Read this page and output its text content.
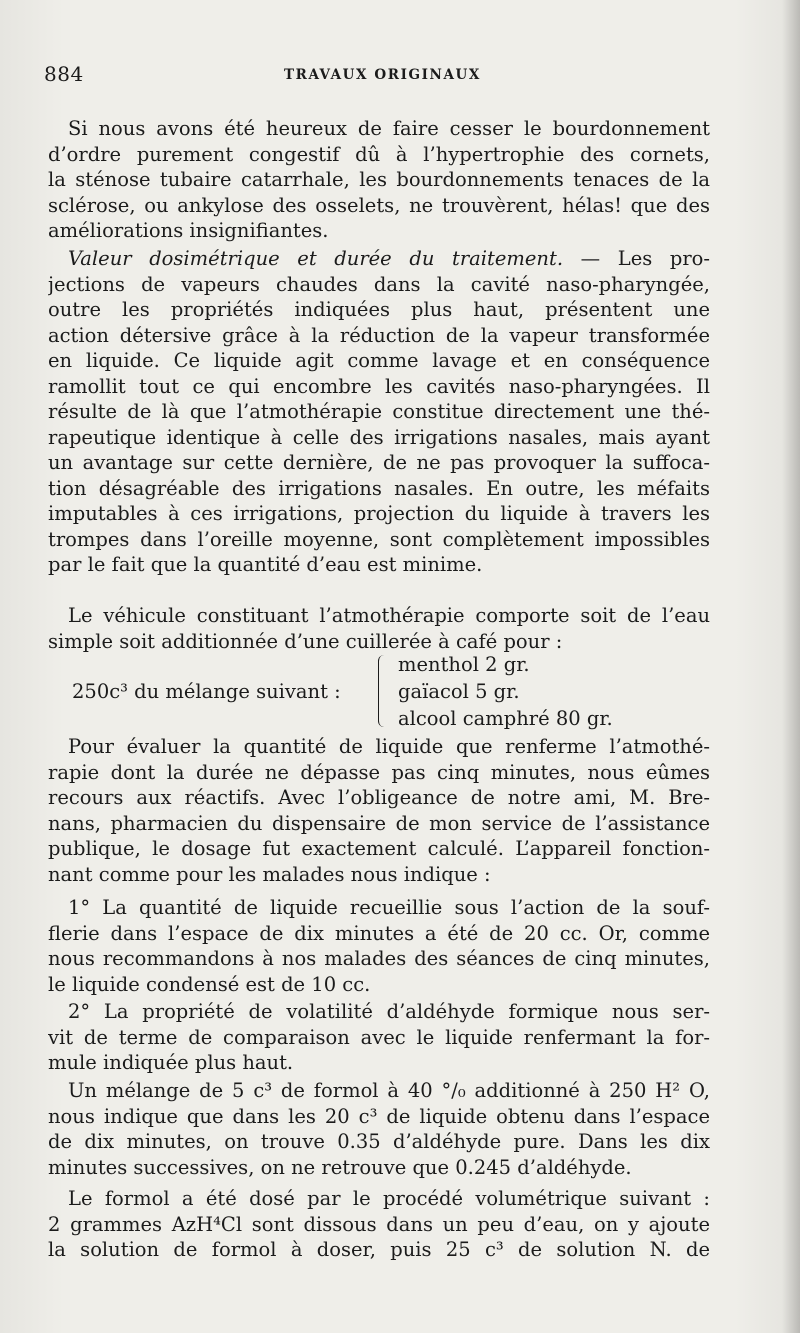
884	TRAVAUX ORIGINAUX
Si nous avons été heureux de faire cesser le bourdonnement
d’ordre purement congestif dû à l’hypertrophie des cornets,
la sténose tubaire catarrhale, les bourdonnements tenaces de la
sclérose, ou ankylose des osselets, ne trouvèrent, hélas! que des
améliorations insignifiantes.
Valeur dosimétrique et durée du traitement. — Les pro-
jections de vapeurs chaudes dans la cavité naso-pharyngée,
outre les propriétés indiquées plus haut, présentent une
action détersive grâce à la réduction de la vapeur transformée
en liquide. Ce liquide agit comme lavage et en conséquence
ramollit tout ce qui encombre les cavités naso-pharyngées. Il
résulte de là que l’atmothérapie constitue directement une thé-
rapeutique identique à celle des irrigations nasales, mais ayant
un avantage sur cette dernière, de ne pas provoquer la suffoca-
tion désagréable des irrigations nasales. En outre, les méfaits
imputables à ces irrigations, projection du liquide à travers les
trompes dans l’oreille moyenne, sont complètement impossibles
par le fait que la quantité d’eau est minime.
Le véhicule constituant l’atmothérapie comporte soit de l’eau
simple soit additionnée d’une cuillerée à café pour :
250c³ du mélange suivant :
menthol 2 gr.
gaïacol 5 gr.
alcool camphré 80 gr.
Pour évaluer la quantité de liquide que renferme l’atmothé-
rapie dont la durée ne dépasse pas cinq minutes, nous eûmes
recours aux réactifs. Avec l’obligeance de notre ami, M. Bre-
nans, pharmacien du dispensaire de mon service de l’assistance
publique, le dosage fut exactement calculé. L’appareil fonction-
nant comme pour les malades nous indique :
1° La quantité de liquide recueillie sous l’action de la souf-
flerie dans l’espace de dix minutes a été de 20 cc. Or, comme
nous recommandons à nos malades des séances de cinq minutes,
le liquide condensé est de 10 cc.
2° La propriété de volatilité d’aldéhyde formique nous ser-
vit de terme de comparaison avec le liquide renfermant la for-
mule indiquée plus haut.
Un mélange de 5 c³ de formol à 40 °/₀ additionné à 250 H² O,
nous indique que dans les 20 c³ de liquide obtenu dans l’espace
de dix minutes, on trouve 0.35 d’aldéhyde pure. Dans les dix
minutes successives, on ne retrouve que 0.245 d’aldéhyde.
Le formol a été dosé par le procédé volumétrique suivant :
2 grammes AzH⁴Cl sont dissous dans un peu d’eau, on y ajoute
la solution de formol à doser, puis 25 c³ de solution N. de
